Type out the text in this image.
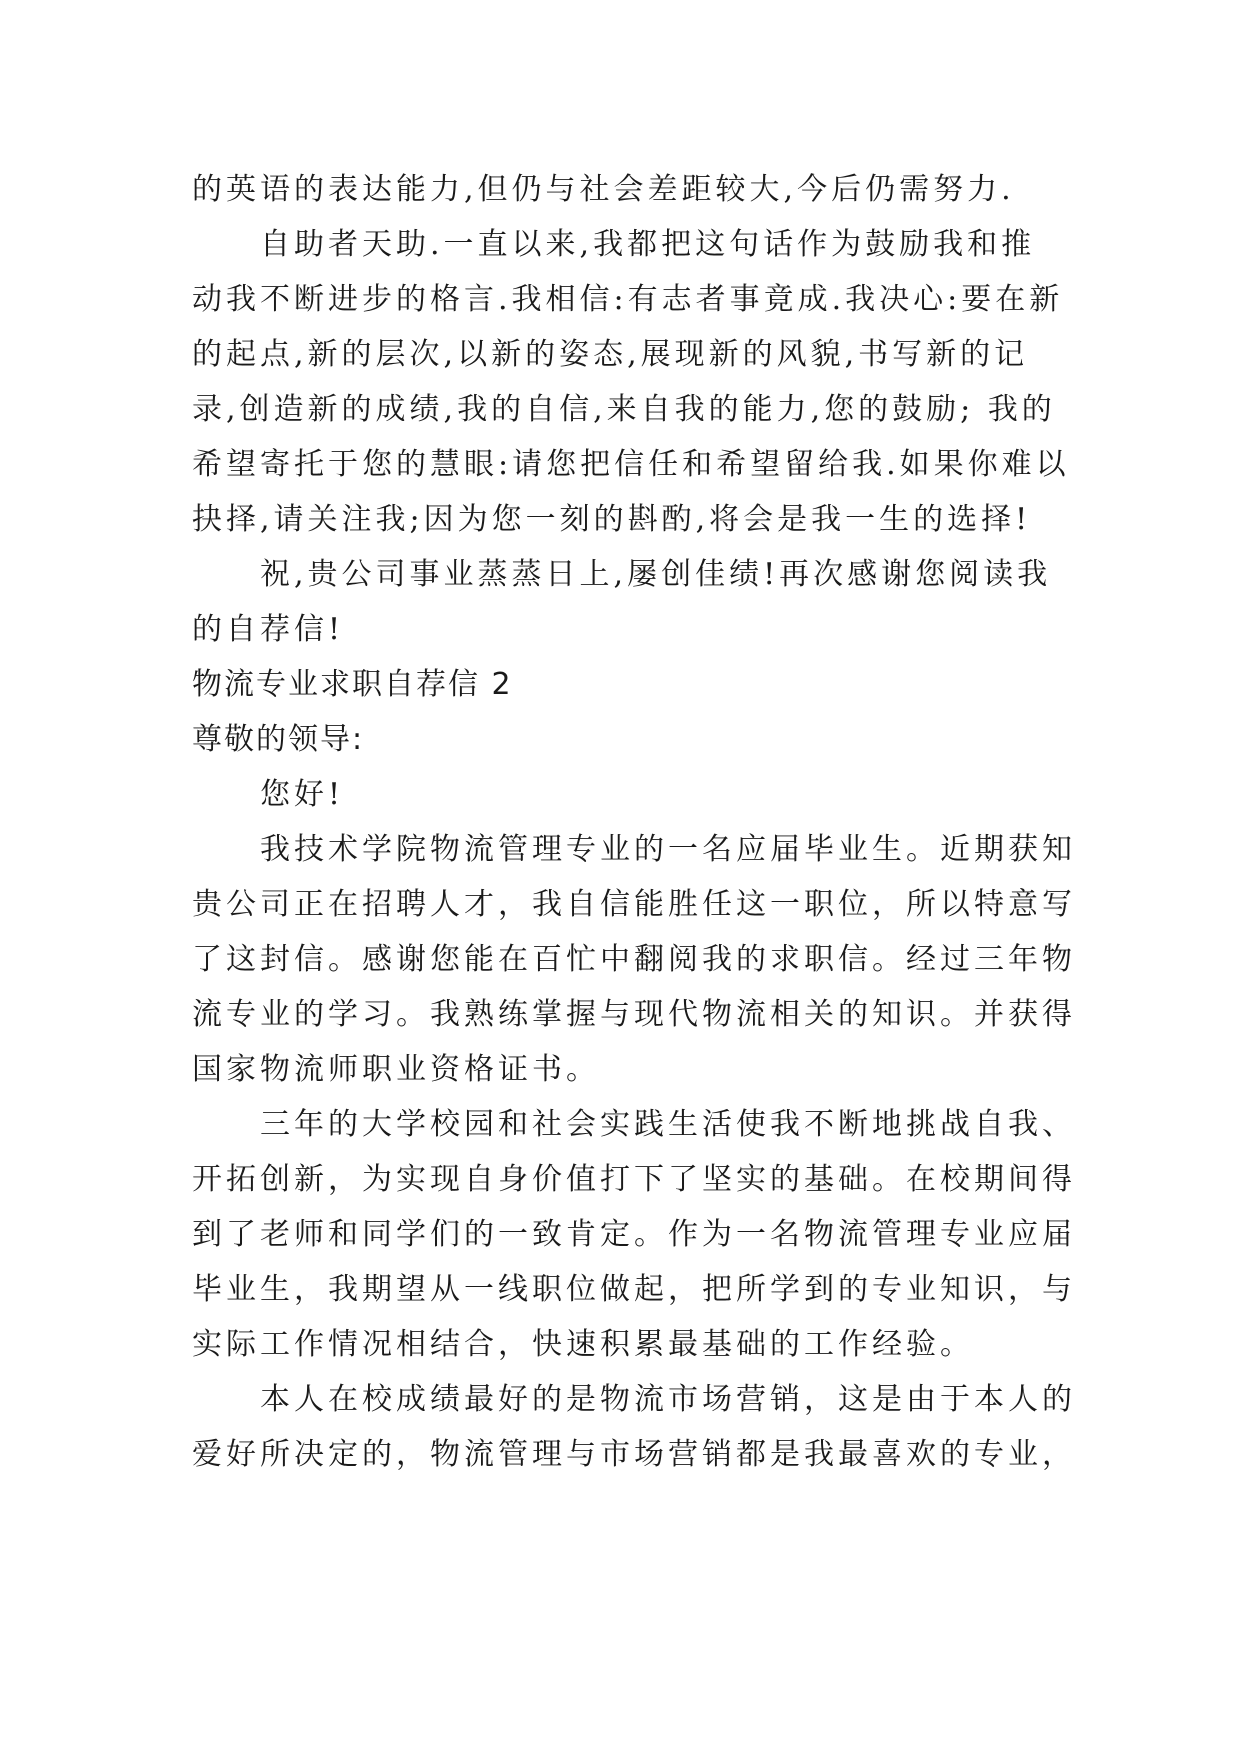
的英语的表达能力,但仍与社会差距较大,今后仍需努力.
自助者天助.一直以来,我都把这句话作为鼓励我和推
动我不断进步的格言.我相信:有志者事竟成.我决心:要在新
的起点,新的层次,以新的姿态,展现新的风貌,书写新的记
录,创造新的成绩,我的自信,来自我的能力,您的鼓励; 我的
希望寄托于您的慧眼:请您把信任和希望留给我.如果你难以
抉择,请关注我;因为您一刻的斟酌,将会是我一生的选择!
祝,贵公司事业蒸蒸日上,屡创佳绩!再次感谢您阅读我
的自荐信!
物流专业求职自荐信 2
尊敬的领导:
您好!
我技术学院物流管理专业的一名应届毕业生。近期获知
贵公司正在招聘人才，我自信能胜任这一职位，所以特意写
了这封信。感谢您能在百忙中翻阅我的求职信。经过三年物
流专业的学习。我熟练掌握与现代物流相关的知识。并获得
国家物流师职业资格证书。
三年的大学校园和社会实践生活使我不断地挑战自我、
开拓创新，为实现自身价值打下了坚实的基础。在校期间得
到了老师和同学们的一致肯定。作为一名物流管理专业应届
毕业生，我期望从一线职位做起，把所学到的专业知识，与
实际工作情况相结合，快速积累最基础的工作经验。
本人在校成绩最好的是物流市场营销，这是由于本人的
爱好所决定的，物流管理与市场营销都是我最喜欢的专业，
